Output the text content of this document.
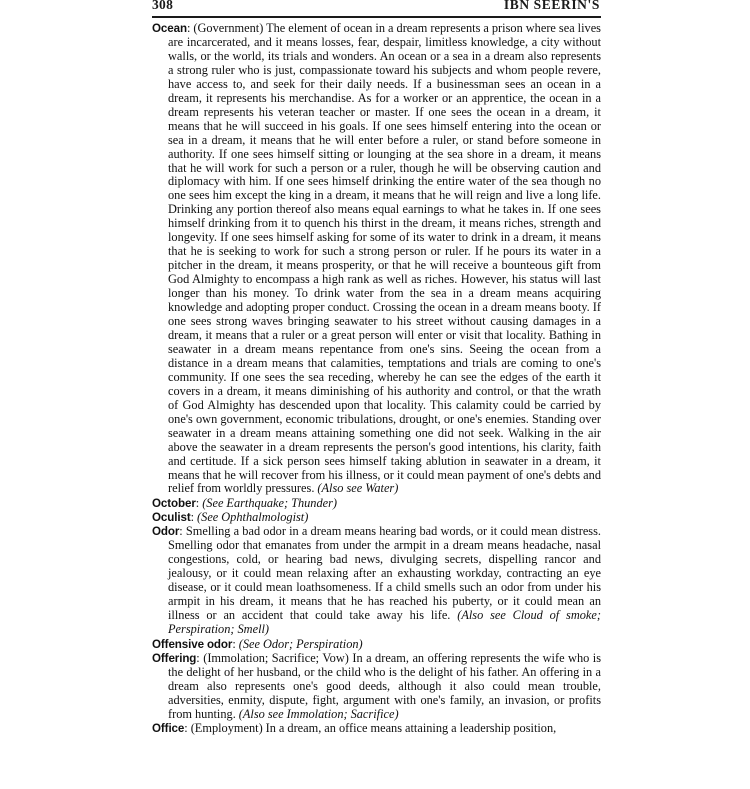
308	IBN SEERIN'S

Ocean: (Government) The element of ocean in a dream represents a prison where sea lives are incarcerated, and it means losses, fear, despair, limitless knowledge, a city without walls, or the world, its trials and wonders. An ocean or a sea in a dream also represents a strong ruler who is just, compassionate toward his subjects and whom people revere, have access to, and seek for their daily needs. If a businessman sees an ocean in a dream, it represents his merchandise. As for a worker or an apprentice, the ocean in a dream represents his veteran teacher or master. If one sees the ocean in a dream, it means that he will succeed in his goals. If one sees himself entering into the ocean or sea in a dream, it means that he will enter before a ruler, or stand before someone in authority. If one sees himself sitting or lounging at the sea shore in a dream, it means that he will work for such a person or a ruler, though he will be observing caution and diplomacy with him. If one sees himself drinking the entire water of the sea though no one sees him except the king in a dream, it means that he will reign and live a long life. Drinking any portion thereof also means equal earnings to what he takes in. If one sees himself drinking from it to quench his thirst in the dream, it means riches, strength and longevity. If one sees himself asking for some of its water to drink in a dream, it means that he is seeking to work for such a strong person or ruler. If he pours its water in a pitcher in the dream, it means prosperity, or that he will receive a bounteous gift from God Almighty to encompass a high rank as well as riches. However, his status will last longer than his money. To drink water from the sea in a dream means acquiring knowledge and adopting proper conduct. Crossing the ocean in a dream means booty. If one sees strong waves bringing seawater to his street without causing damages in a dream, it means that a ruler or a great person will enter or visit that locality. Bathing in seawater in a dream means repentance from one's sins. Seeing the ocean from a distance in a dream means that calamities, temptations and trials are coming to one's community. If one sees the sea receding, whereby he can see the edges of the earth it covers in a dream, it means diminishing of his authority and control, or that the wrath of God Almighty has descended upon that locality. This calamity could be carried by one's own government, economic tribulations, drought, or one's enemies. Standing over seawater in a dream means attaining something one did not seek. Walking in the air above the seawater in a dream represents the person's good intentions, his clarity, faith and certitude. If a sick person sees himself taking ablution in seawater in a dream, it means that he will recover from his illness, or it could mean payment of one's debts and relief from worldly pressures. (Also see Water)

October: (See Earthquake; Thunder)

Oculist: (See Ophthalmologist)

Odor: Smelling a bad odor in a dream means hearing bad words, or it could mean distress. Smelling odor that emanates from under the armpit in a dream means headache, nasal congestions, cold, or hearing bad news, divulging secrets, dispelling rancor and jealousy, or it could mean relaxing after an exhausting workday, contracting an eye disease, or it could mean loathsomeness. If a child smells such an odor from under his armpit in his dream, it means that he has reached his puberty, or it could mean an illness or an accident that could take away his life. (Also see Cloud of smoke; Perspiration; Smell)

Offensive odor: (See Odor; Perspiration)

Offering: (Immolation; Sacrifice; Vow) In a dream, an offering represents the wife who is the delight of her husband, or the child who is the delight of his father. An offering in a dream also represents one's good deeds, although it also could mean trouble, adversities, enmity, dispute, fight, argument with one's family, an invasion, or profits from hunting. (Also see Immolation; Sacrifice)

Office: (Employment) In a dream, an office means attaining a leadership position,
